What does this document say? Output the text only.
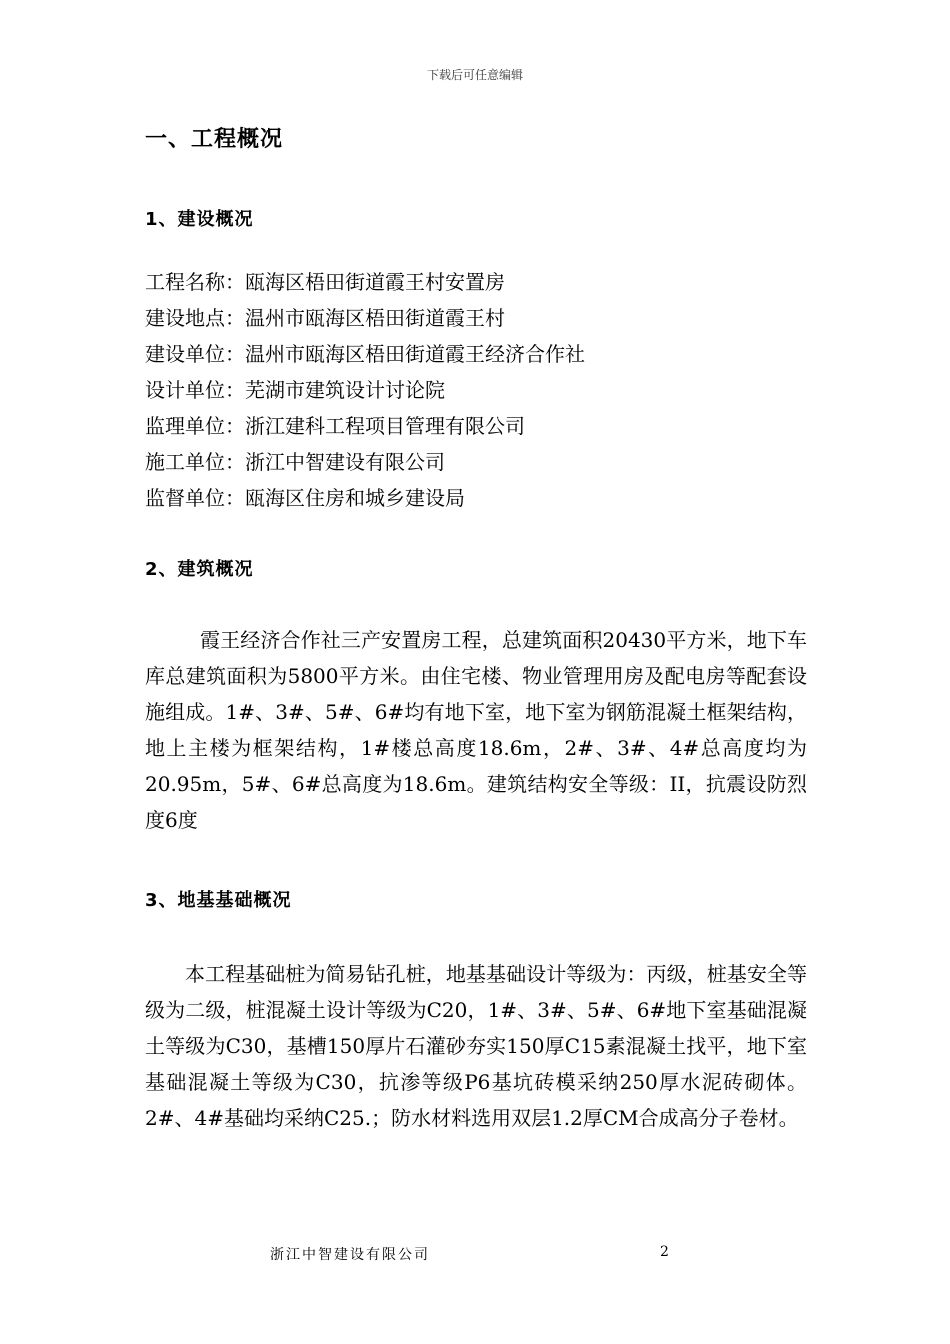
下载后可任意编辑
一、工程概况
1、建设概况
工程名称：瓯海区梧田街道霞王村安置房
建设地点：温州市瓯海区梧田街道霞王村
建设单位：温州市瓯海区梧田街道霞王经济合作社
设计单位：芜湖市建筑设计讨论院
监理单位：浙江建科工程项目管理有限公司
施工单位：浙江中智建设有限公司
监督单位：瓯海区住房和城乡建设局
2、建筑概况

霞王经济合作社三产安置房工程，总建筑面积20430平方米，地下车库总建筑面积为5800平方米。由住宅楼、物业管理用房及配电房等配套设施组成。1#、3#、5#、6#均有地下室，地下室为钢筋混凝土框架结构，地上主楼为框架结构，1#楼总高度18.6m，2#、3#、4#总高度均为20.95m，5#、6#总高度为18.6m。建筑结构安全等级：II，抗震设防烈度6度

3、地基基础概况

本工程基础桩为简易钻孔桩，地基基础设计等级为：丙级，桩基安全等级为二级，桩混凝土设计等级为C20，1#、3#、5#、6#地下室基础混凝土等级为C30，基槽150厚片石灌砂夯实150厚C15素混凝土找平，地下室基础混凝土等级为C30，抗渗等级P6基坑砖模采纳250厚水泥砖砌体。2#、4#基础均采纳C25.；防水材料选用双层1.2厚CM合成高分子卷材。

浙江中智建设有限公司	2
